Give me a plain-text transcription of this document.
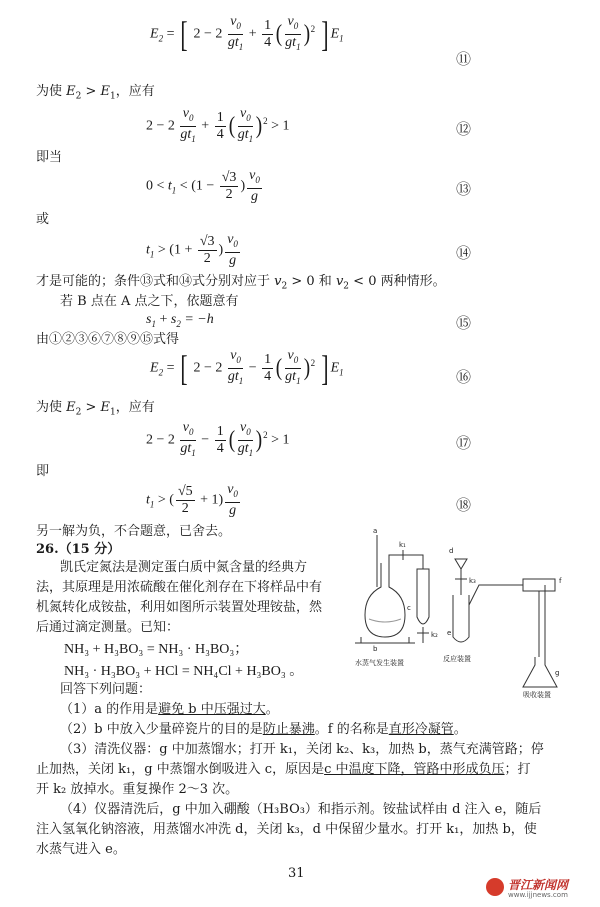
$E_2$ = [ $2 - 2 \frac{v_0}{gt_1} + \frac{1}{4}$ ( $\frac{v_0}{gt_1} )^2$ ] $E_1$
⑪
为使 $E_2 > E_1$，应有
$2 - 2 \frac{v_0}{gt_1} + \frac{1}{4}$ ( $\frac{v_0}{gt_1} )^2 > 1$	⑫
即当
$0 < t_1 < (1 - \frac{√3}{2}$ ) $\frac{v_0}{g}$	⑬
或
$t_1 > (1 + \frac{√3}{2}$ ) $\frac{v_0}{g}$	⑭
才是可能的；条件⑬式和⑭式分别对应于 $v_2 > 0$ 和 $v_2 < 0$ 两种情形。
若 B 点在 A 点之下，依题意有
$s_1 + s_2 = -h$	⑮
由①②③⑥⑦⑧⑨⑮式得
$E_2$ = [ $2 - 2 \frac{v_0}{gt_1} - \frac{1}{4}$ ( $\frac{v_0}{gt_1} )^2$ ] $E_1$	⑯
为使 $E_2 > E_1$，应有
$2 - 2 \frac{v_0}{gt_1} - \frac{1}{4}$ ( $\frac{v_0}{gt_1} )^2 > 1$	⑰
即
$t_1$ > ( $\frac{√5}{2} + 1) \frac{v_0}{g}$	⑱
另一解为负，不合题意，已舍去。
26.（15 分）
凯氏定氮法是测定蛋白质中氮含量的经典方
法，其原理是用浓硫酸在催化剂存在下将样品中有
机氮转化成铵盐，利用如图所示装置处理铵盐，然
后通过滴定测量。已知：
NH₃ + H₃BO₃ = NH₃ · H₃BO₃；
NH₃ · H₃BO₃ + HCl = NH₄Cl + H₃BO₃ 。
回答下列问题：
（1）a 的作用是避免 b 中压强过大。
（2）b 中放入少量碎瓷片的目的是防止暴沸。f 的名称是直形冷凝管。
（3）清洗仪器：g 中加蒸馏水；打开 k₁，关闭 k₂、k₃，加热 b，蒸气充满管路；停
止加热，关闭 k₁，g 中蒸馏水倒吸进入 c，原因是c 中温度下降，管路中形成负压；打
开 k₂ 放掉水。重复操作 2～3 次。
（4）仪器清洗后，g 中加入硼酸（H₃BO₃）和指示剂。铵盐试样由 d 注入 e，随后
注入氢氧化钠溶液，用蒸馏水冲洗 d，关闭 k₃，d 中保留少量水。打开 k₁，加热 b，使
水蒸气进入 e。
a
b
c
d
e
f
g
k₁
k₂
k₃
水蒸气发生装置	反应装置
吸收装置
31
晋江新闻网
www.ijjnews.com
